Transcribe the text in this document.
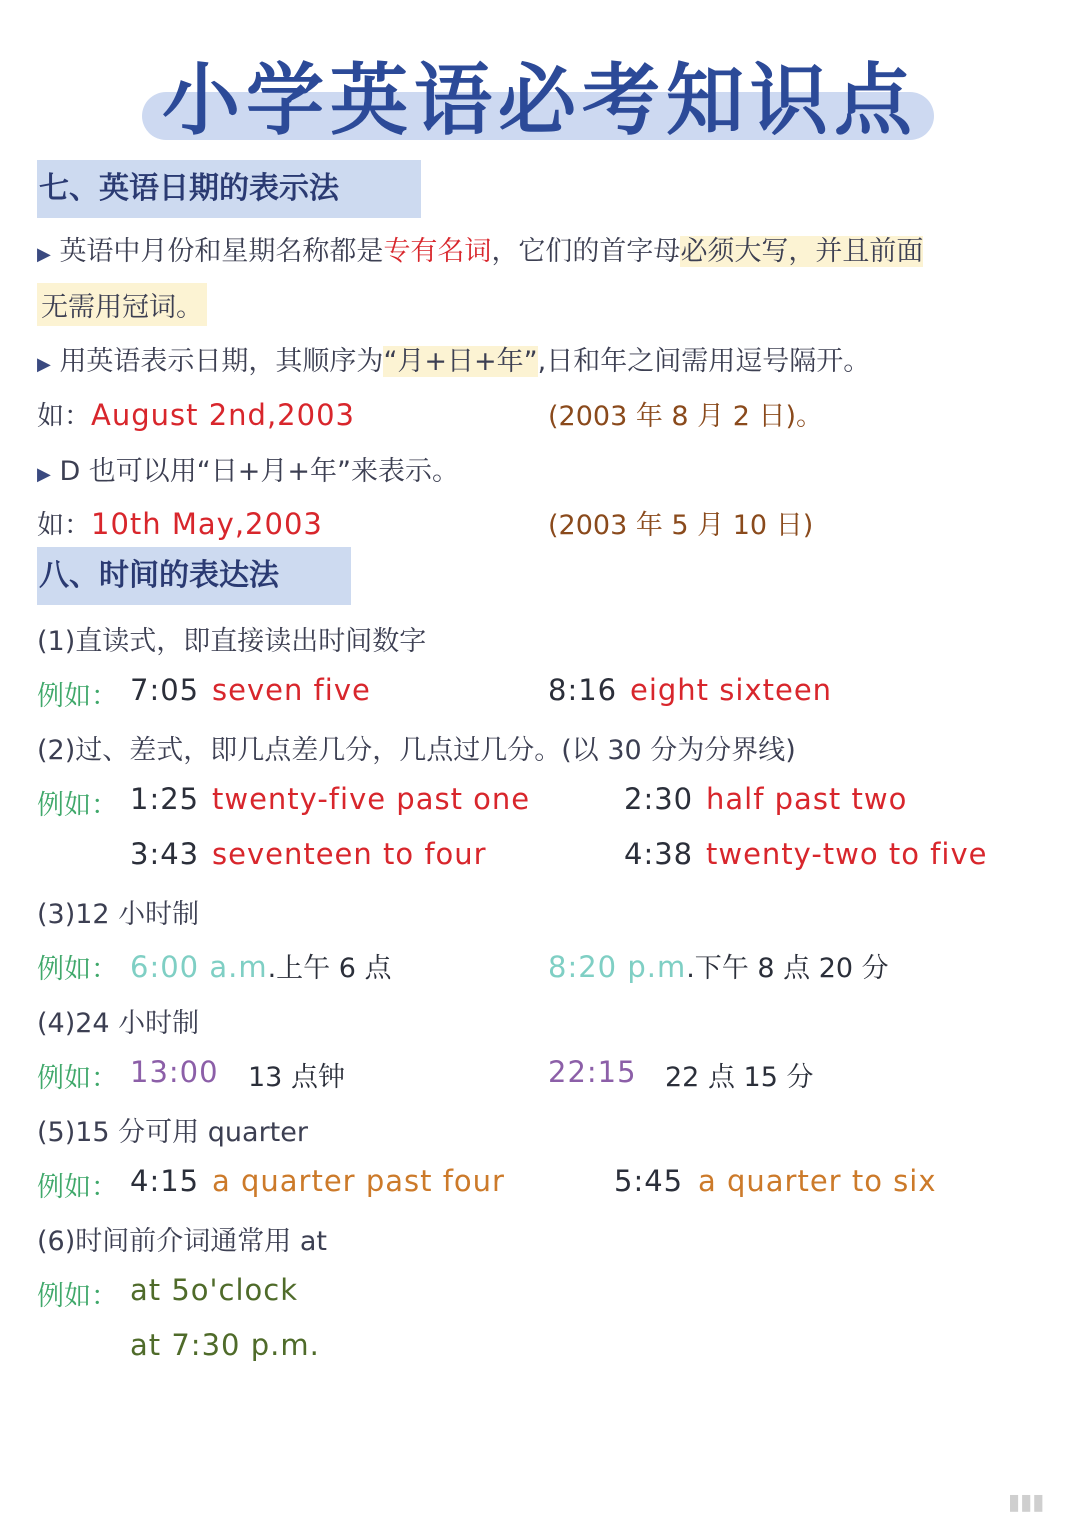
小学英语必考知识点
七、英语日期的表示法
▶ 英语中月份和星期名称都是专有名词，它们的首字母必须大写，并且前面
无需用冠词。
▶ 用英语表示日期，其顺序为“月+日+年”,日和年之间需用逗号隔开。
如：August 2nd,2003	(2003 年 8 月 2 日)。
▶ D 也可以用“日+月+年”来表示。
如：10th May,2003	(2003 年 5 月 10 日)
八、时间的表达法
(1)直读式，即直接读出时间数字
例如： 7:05 seven five	8:16 eight sixteen
(2)过、差式，即几点差几分，几点过几分。(以 30 分为分界线)
例如： 1:25 twenty-five past one	2:30 half past two
3:43 seventeen to four	4:38 twenty-two to five
(3)12 小时制
例如： 6:00 a.m.上午 6 点	8:20 p.m.下午 8 点 20 分
(4)24 小时制
例如： 13:00 13 点钟	22:15 22 点 15 分
(5)15 分可用 quarter
例如： 4:15 a quarter past four	5:45 a quarter to six
(6)时间前介词通常用 at
例如： at 5o'clock
at 7:30 p.m.
▮▮▮
